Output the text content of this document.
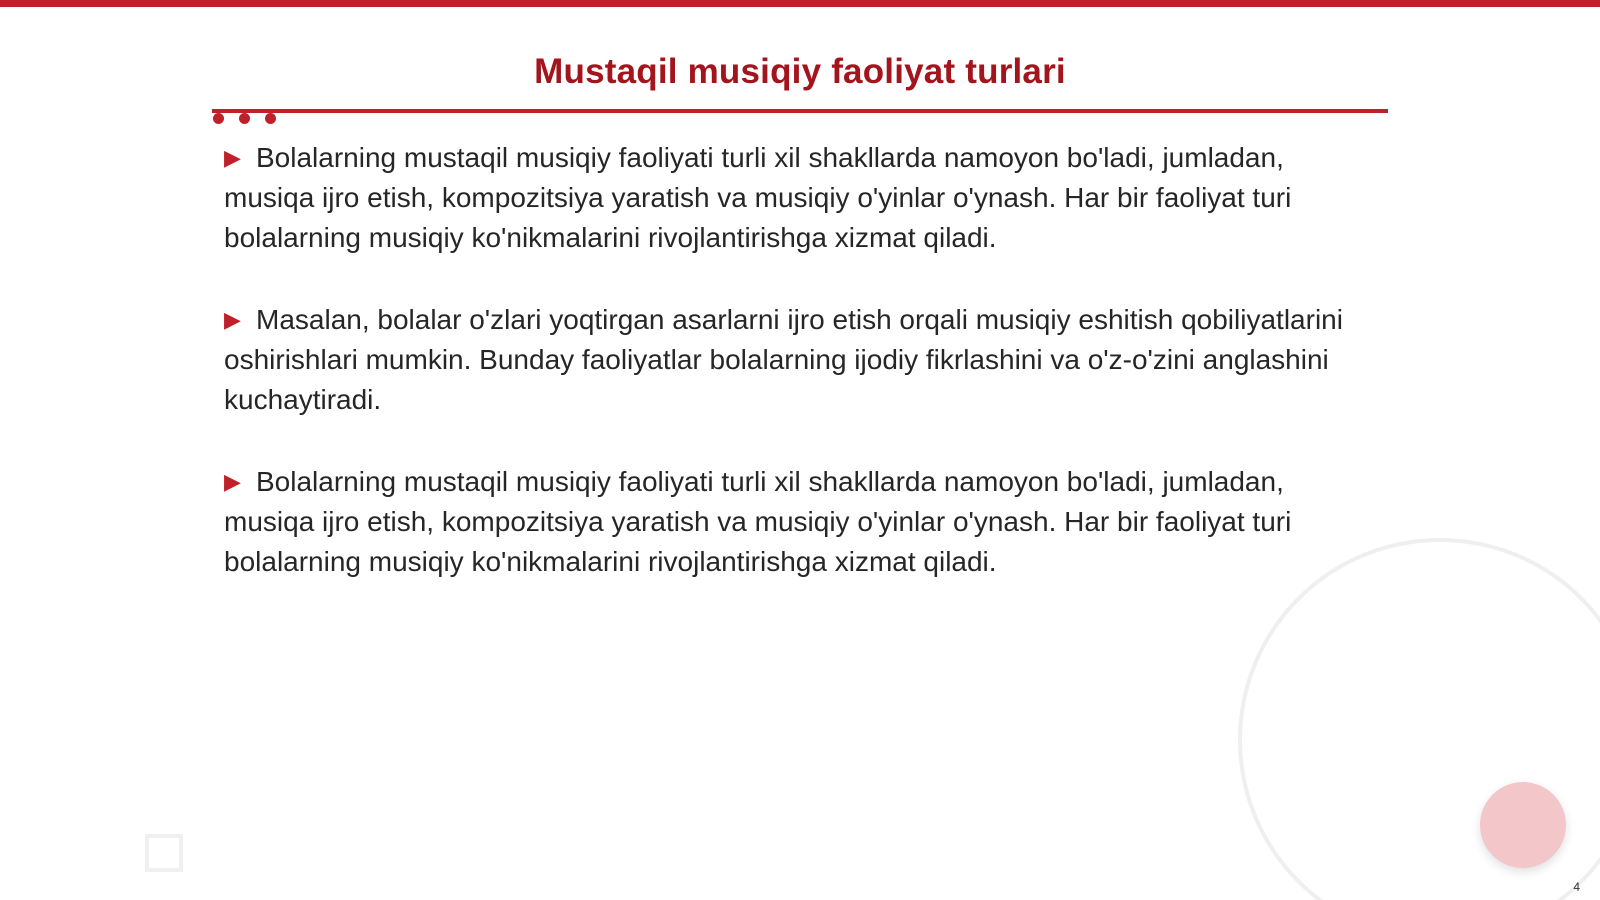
Mustaqil musiqiy faoliyat turlari

▶ Bolalarning mustaqil musiqiy faoliyati turli xil shakllarda namoyon bo'ladi, jumladan, musiqa ijro etish, kompozitsiya yaratish va musiqiy o'yinlar o'ynash. Har bir faoliyat turi bolalarning musiqiy ko'nikmalarini rivojlantirishga xizmat qiladi.

▶ Masalan, bolalar o'zlari yoqtirgan asarlarni ijro etish orqali musiqiy eshitish qobiliyatlarini oshirishlari mumkin. Bunday faoliyatlar bolalarning ijodiy fikrlashini va o'z-o'zini anglashini kuchaytiradi.

▶ Bolalarning mustaqil musiqiy faoliyati turli xil shakllarda namoyon bo'ladi, jumladan, musiqa ijro etish, kompozitsiya yaratish va musiqiy o'yinlar o'ynash. Har bir faoliyat turi bolalarning musiqiy ko'nikmalarini rivojlantirishga xizmat qiladi.

4
